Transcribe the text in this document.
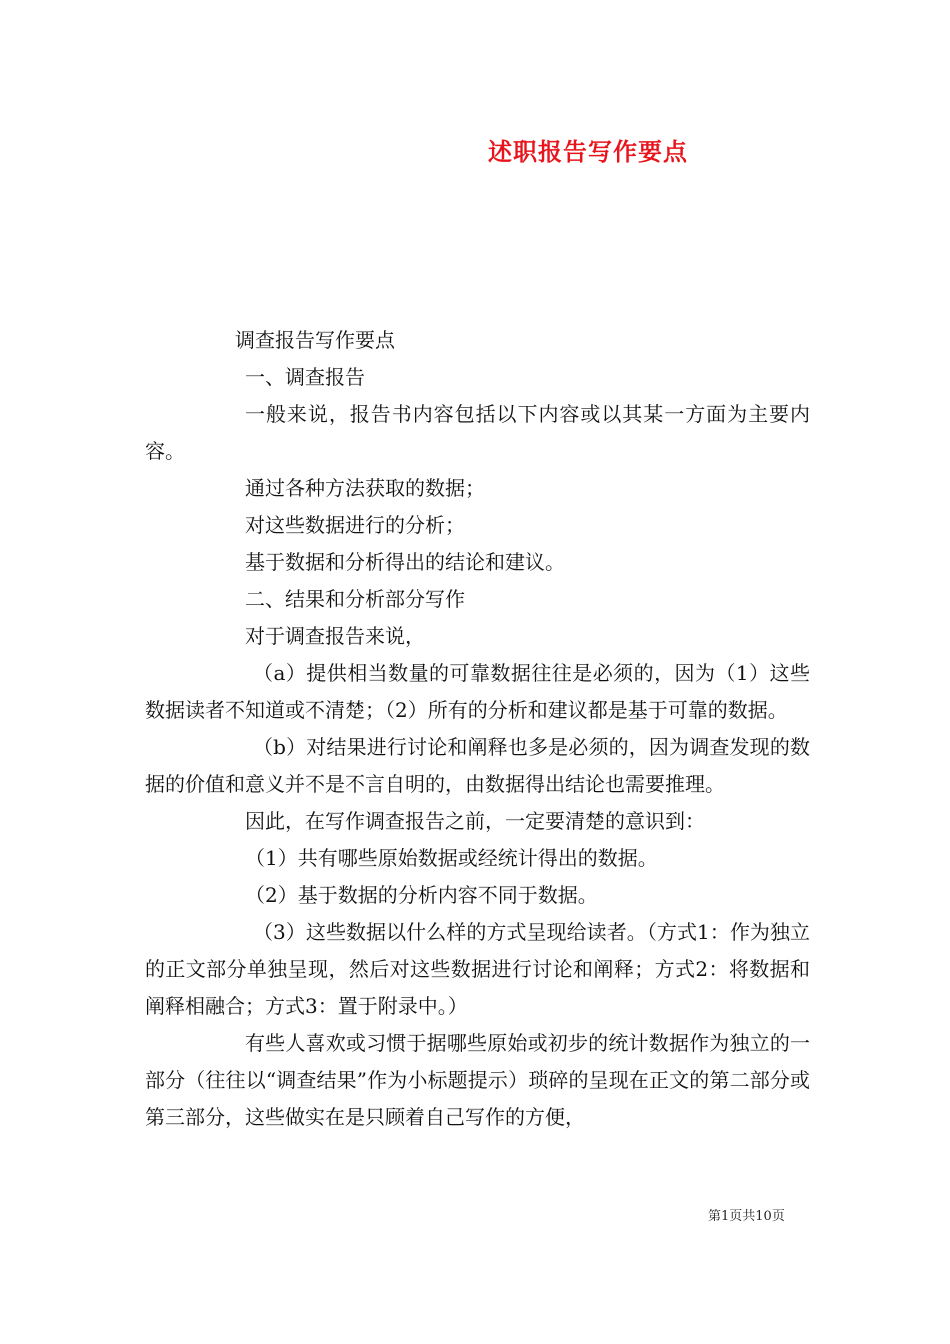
述职报告写作要点

调查报告写作要点

一、调查报告

一般来说，报告书内容包括以下内容或以其某一方面为主要内容。

通过各种方法获取的数据；

对这些数据进行的分析；

基于数据和分析得出的结论和建议。

二、结果和分析部分写作

对于调查报告来说，

（a）提供相当数量的可靠数据往往是必须的，因为（1）这些数据读者不知道或不清楚；（2）所有的分析和建议都是基于可靠的数据。

（b）对结果进行讨论和阐释也多是必须的，因为调查发现的数据的价值和意义并不是不言自明的，由数据得出结论也需要推理。

因此，在写作调查报告之前，一定要清楚的意识到：

（1）共有哪些原始数据或经统计得出的数据。

（2）基于数据的分析内容不同于数据。

（3）这些数据以什么样的方式呈现给读者。（方式1：作为独立的正文部分单独呈现，然后对这些数据进行讨论和阐释；方式2：将数据和阐释相融合；方式3：置于附录中。）

有些人喜欢或习惯于据哪些原始或初步的统计数据作为独立的一部分（往往以“调查结果”作为小标题提示）琐碎的呈现在正文的第二部分或第三部分，这些做实在是只顾着自己写作的方便，

第1页共10页
